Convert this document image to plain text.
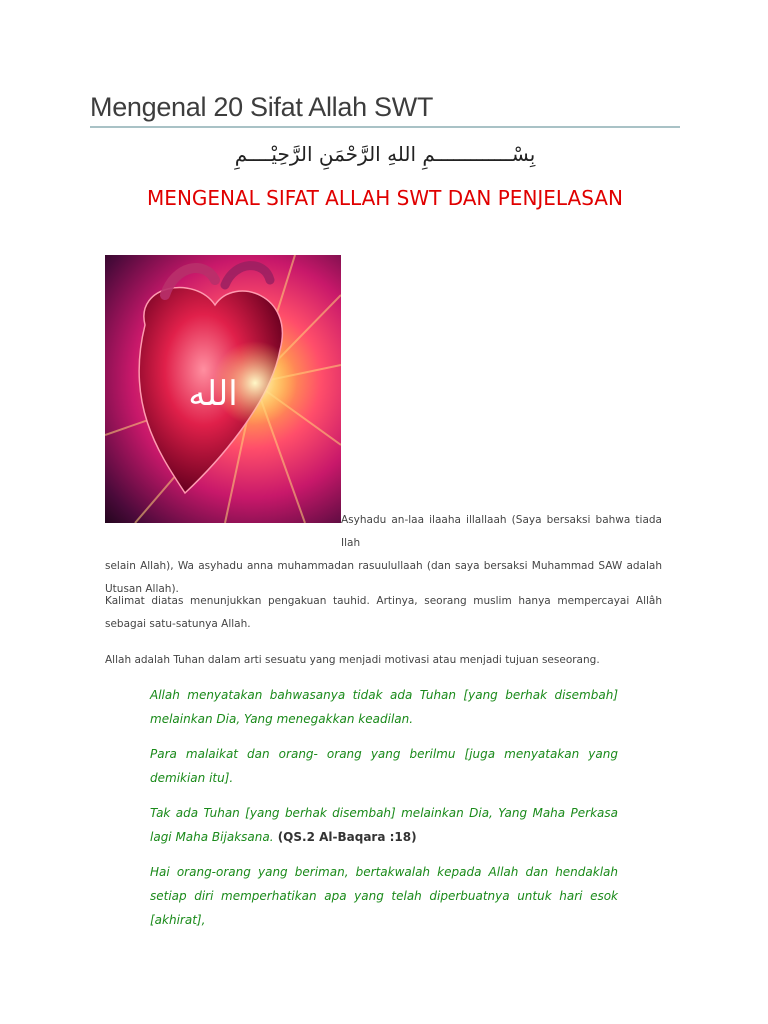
Mengenal 20 Sifat Allah SWT
بِسْـــــــــــــمِ اللهِ الرَّحْمَنِ الرَّحِيْــــمِ
MENGENAL SIFAT ALLAH SWT DAN PENJELASAN
الله
Asyhadu an-laa ilaaha illallaah (Saya bersaksi bahwa tiada Ilah
selain Allah), Wa asyhadu anna muhammadan rasuulullaah (dan saya bersaksi Muhammad SAW adalah Utusan Allah).
Kalimat diatas menunjukkan pengakuan tauhid. Artinya, seorang muslim hanya mempercayai Allâh sebagai satu-satunya Allah.
Allah adalah Tuhan dalam arti sesuatu yang menjadi motivasi atau menjadi tujuan seseorang.
Allah menyatakan bahwasanya tidak ada Tuhan [yang berhak disembah] melainkan Dia, Yang menegakkan keadilan.
Para malaikat dan orang- orang yang berilmu [juga menyatakan yang demikian itu].
Tak ada Tuhan [yang berhak disembah] melainkan Dia, Yang Maha Perkasa lagi Maha Bijaksana. (QS.2 Al-Baqara :18)
Hai orang-orang yang beriman, bertakwalah kepada Allah dan hendaklah setiap diri memperhatikan apa yang telah diperbuatnya untuk hari esok [akhirat],
